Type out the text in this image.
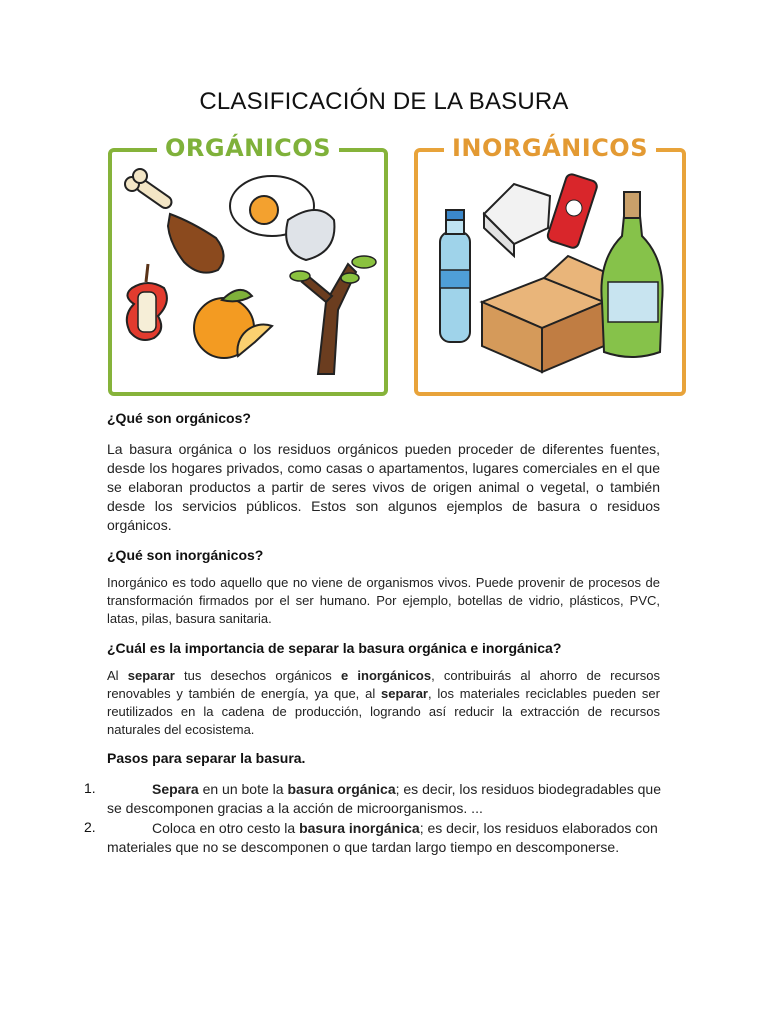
CLASIFICACIÓN DE LA BASURA
ORGÁNICOS	INORGÁNICOS
¿Qué son orgánicos?
La basura orgánica o los residuos orgánicos pueden proceder de diferentes fuentes, desde los hogares privados, como casas o apartamentos, lugares comerciales en el que se elaboran productos a partir de seres vivos de origen animal o vegetal, o también desde los servicios públicos. Estos son algunos ejemplos de basura o residuos orgánicos.
¿Qué son inorgánicos?
Inorgánico es todo aquello que no viene de organismos vivos. Puede provenir de procesos de transformación firmados por el ser humano. Por ejemplo, botellas de vidrio, plásticos, PVC, latas, pilas, basura sanitaria.
¿Cuál es la importancia de separar la basura orgánica e inorgánica?
Al separar tus desechos orgánicos e inorgánicos, contribuirás al ahorro de recursos renovables y también de energía, ya que, al separar, los materiales reciclables pueden ser reutilizados en la cadena de producción, logrando así reducir la extracción de recursos naturales del ecosistema.
Pasos para separar la basura.
1.	Separa en un bote la basura orgánica; es decir, los residuos biodegradables que se descomponen gracias a la acción de microorganismos. ...
2.	Coloca en otro cesto la basura inorgánica; es decir, los residuos elaborados con materiales que no se descomponen o que tardan largo tiempo en descomponerse.
